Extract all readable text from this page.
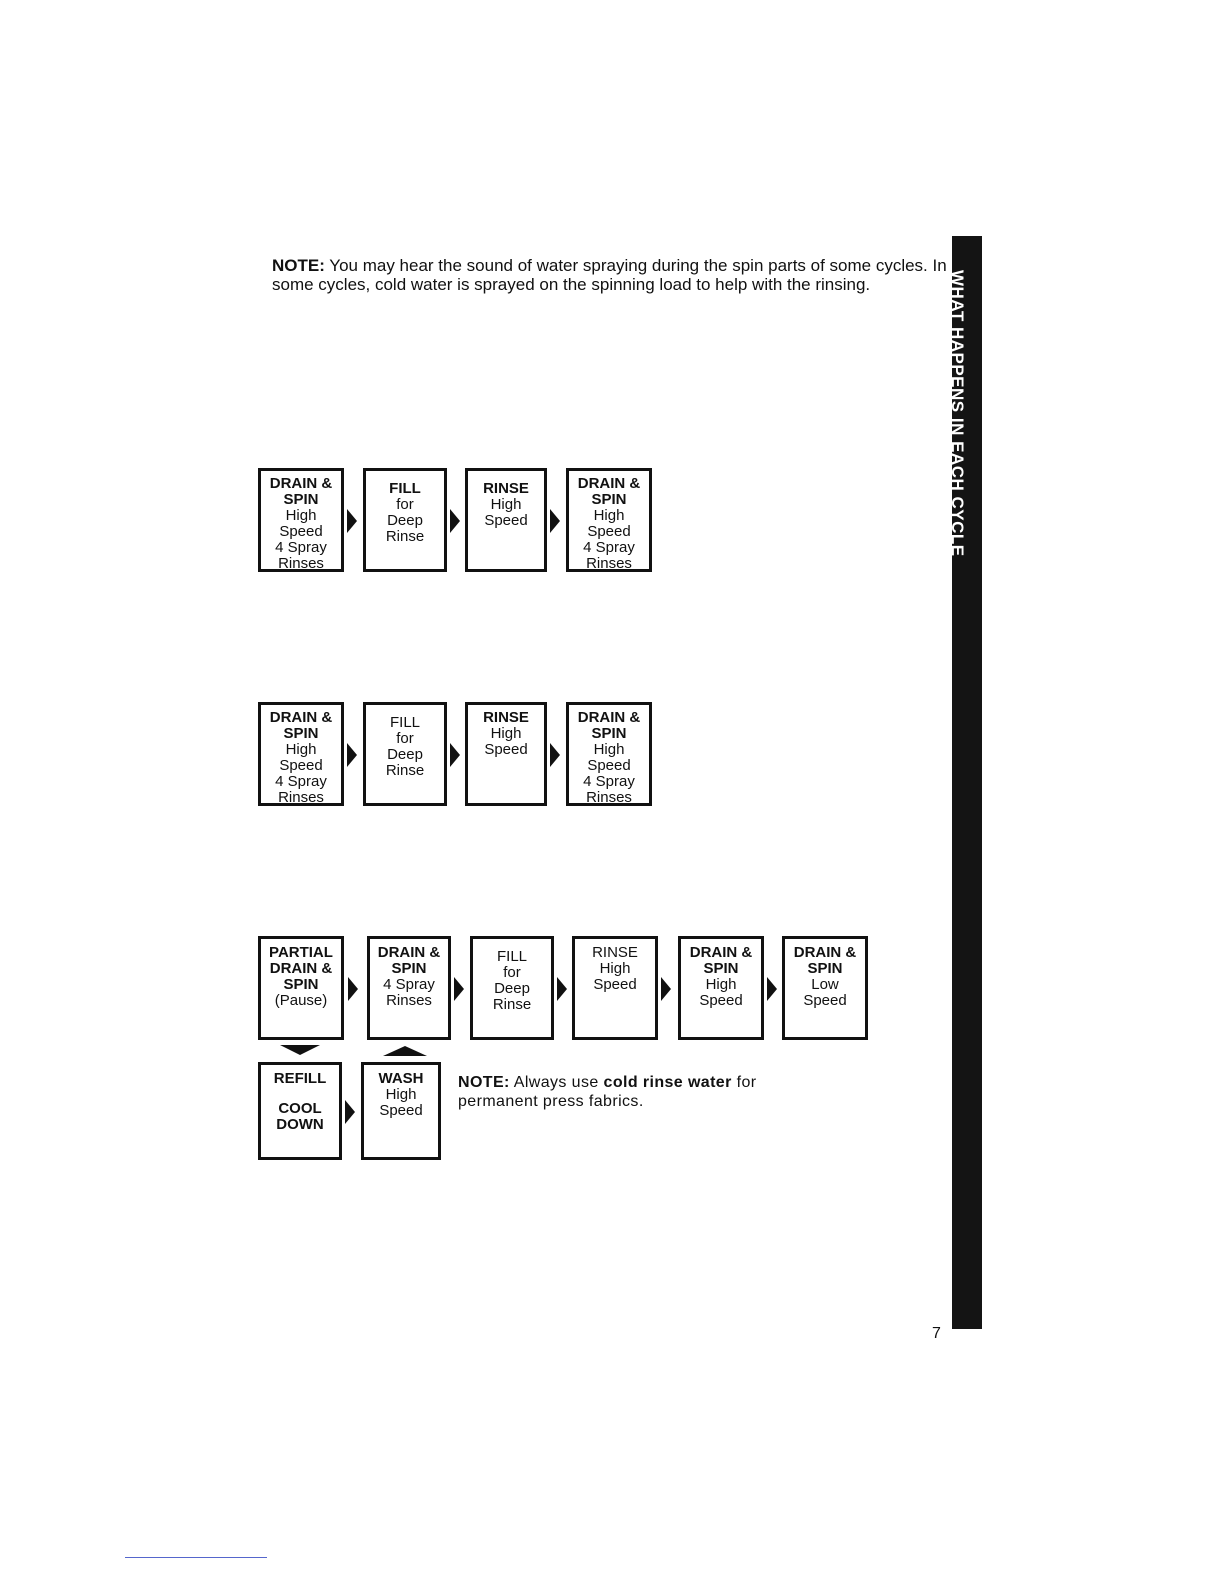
NOTE: You may hear the sound of water spraying during the spin parts of some cycles. In some cycles, cold water is sprayed on the spinning load to help with the rinsing.	WHAT HAPPENS IN EACH CYCLE
DRAIN &
SPIN
High
Speed
4 Spray
Rinses
FILL
for
Deep
Rinse
RINSE
High
Speed
DRAIN &
SPIN
High
Speed
4 Spray
Rinses
DRAIN &
SPIN
High
Speed
4 Spray
Rinses
FILL
for
Deep
Rinse
RINSE
High
Speed
DRAIN &
SPIN
High
Speed
4 Spray
Rinses
PARTIAL
DRAIN &
SPIN
(Pause)
DRAIN &
SPIN
4 Spray
Rinses
FILL
for
Deep
Rinse
RINSE
High
Speed
DRAIN &
SPIN
High
Speed
DRAIN &
SPIN
Low
Speed
REFILL
COOL
DOWN
WASH
High
Speed
NOTE: Always use cold rinse water for permanent press fabrics.
7
